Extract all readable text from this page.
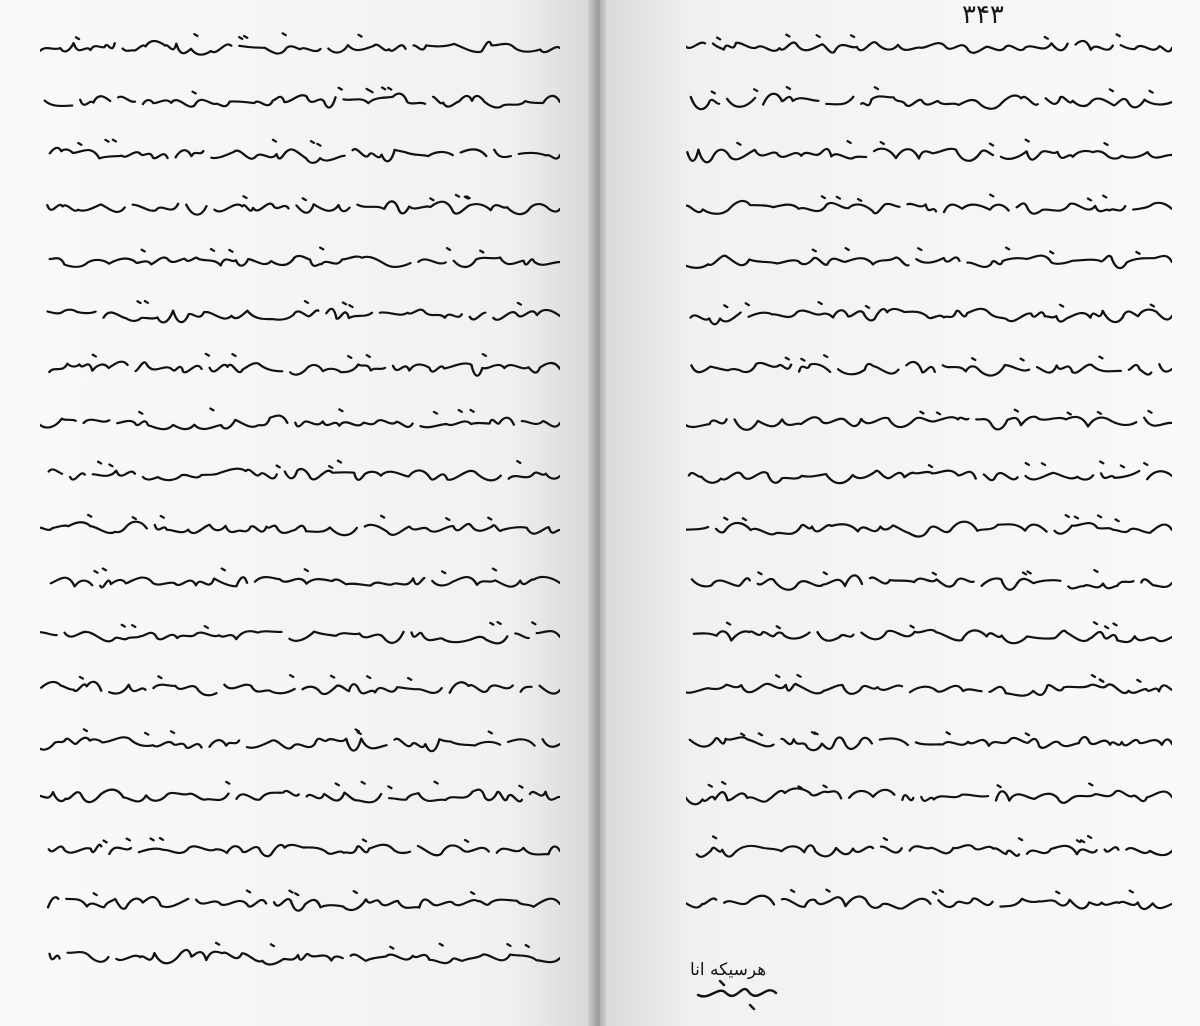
۳۴۳
هرسیکه انا
